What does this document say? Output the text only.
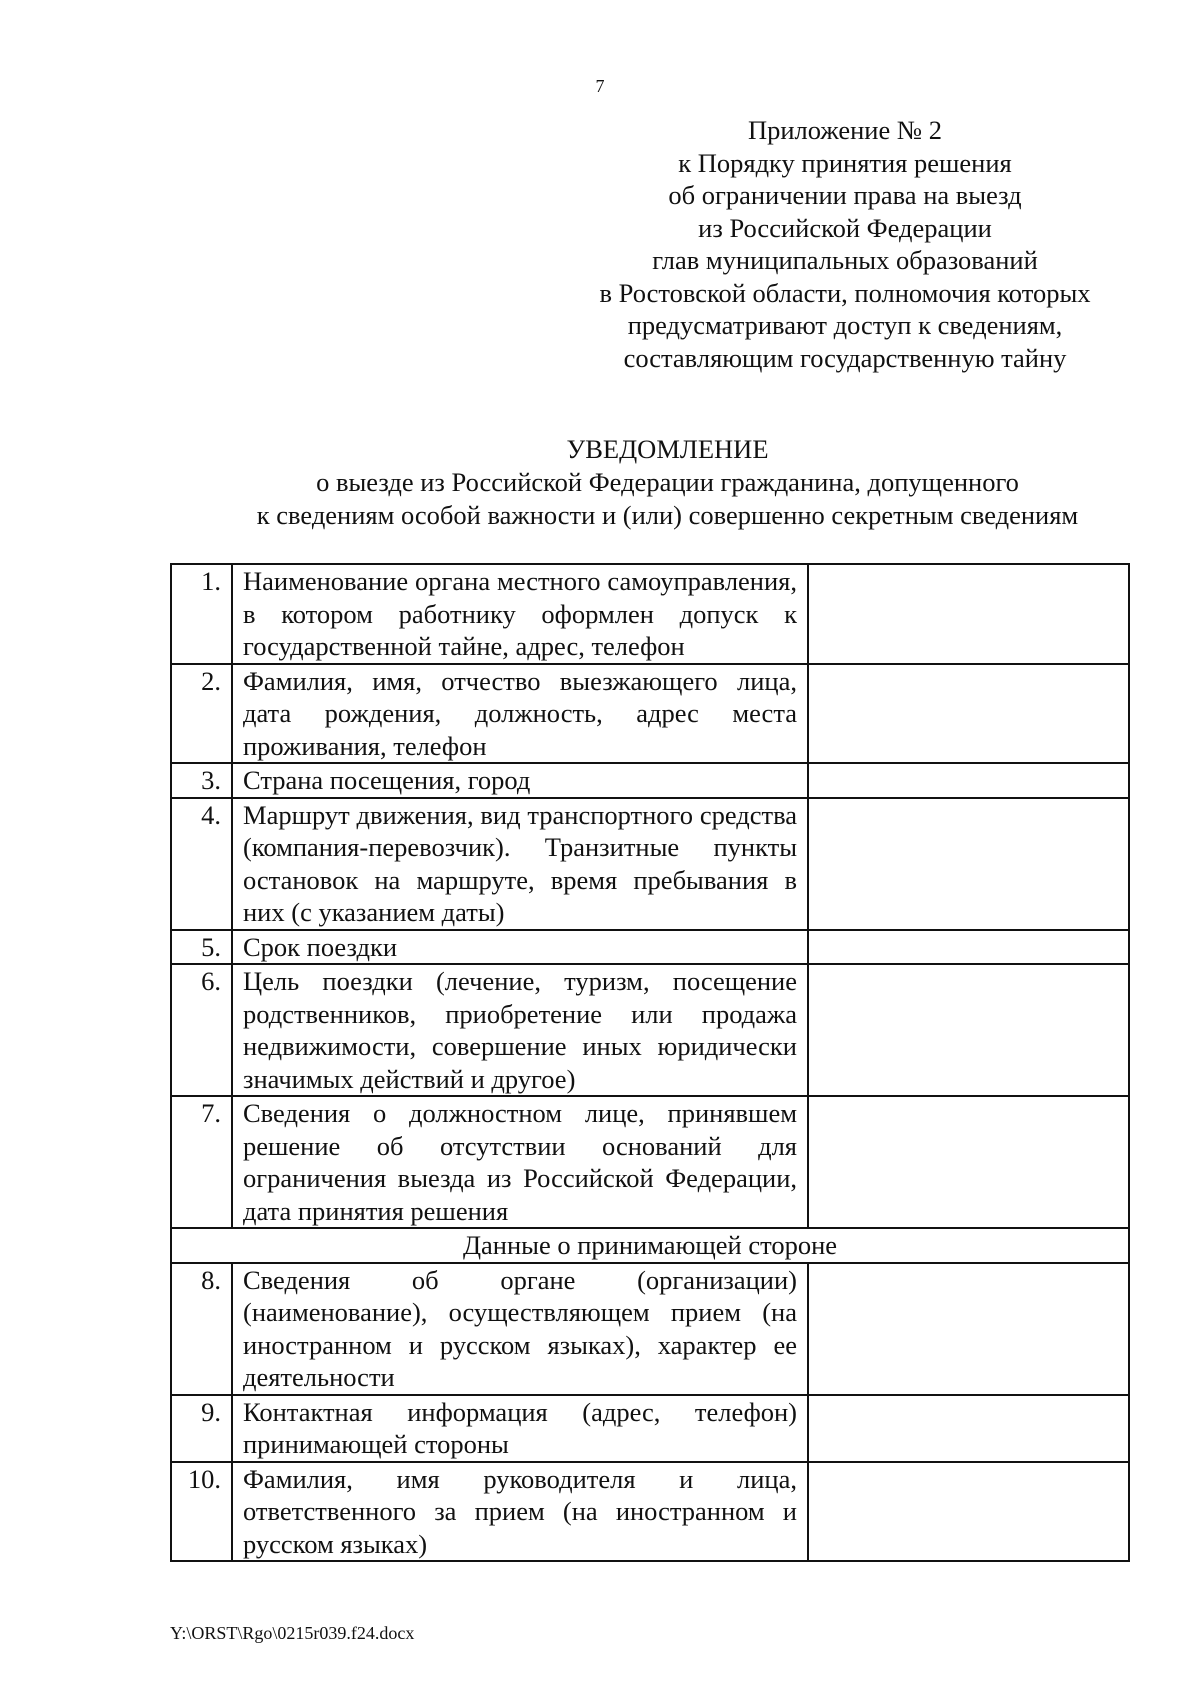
7
Приложение № 2
к Порядку принятия решения
об ограничении права на выезд
из Российской Федерации
глав муниципальных образований
в Ростовской области, полномочия которых
предусматривают доступ к сведениям,
составляющим государственную тайну
УВЕДОМЛЕНИЕ
о выезде из Российской Федерации гражданина, допущенного
к сведениям особой важности и (или) совершенно секретным сведениям
1.	Наименование органа местного самоуправления, в котором работнику оформлен допуск к государственной тайне, адрес, телефон	
2.	Фамилия, имя, отчество выезжающего лица, дата рождения, должность, адрес места проживания, телефон	
3.	Страна посещения, город	
4.	Маршрут движения, вид транспортного средства (компания-перевозчик). Транзитные пункты остановок на маршруте, время пребывания в них (с указанием даты)	
5.	Срок поездки	
6.	Цель поездки (лечение, туризм, посещение родственников, приобретение или продажа недвижимости, совершение иных юридически значимых действий и другое)	
7.	Сведения о должностном лице, принявшем решение об отсутствии оснований для ограничения выезда из Российской Федерации, дата принятия решения	
Данные о принимающей стороне		
8.	Сведения об органе (организации) (наименование), осуществляющем прием (на иностранном и русском языках), характер ее деятельности	
9.	Контактная информация (адрес, телефон) принимающей стороны	
10.	Фамилия, имя руководителя и лица, ответственного за прием (на иностранном и русском языках)	
Y:\ORST\Rgo\0215r039.f24.docx
